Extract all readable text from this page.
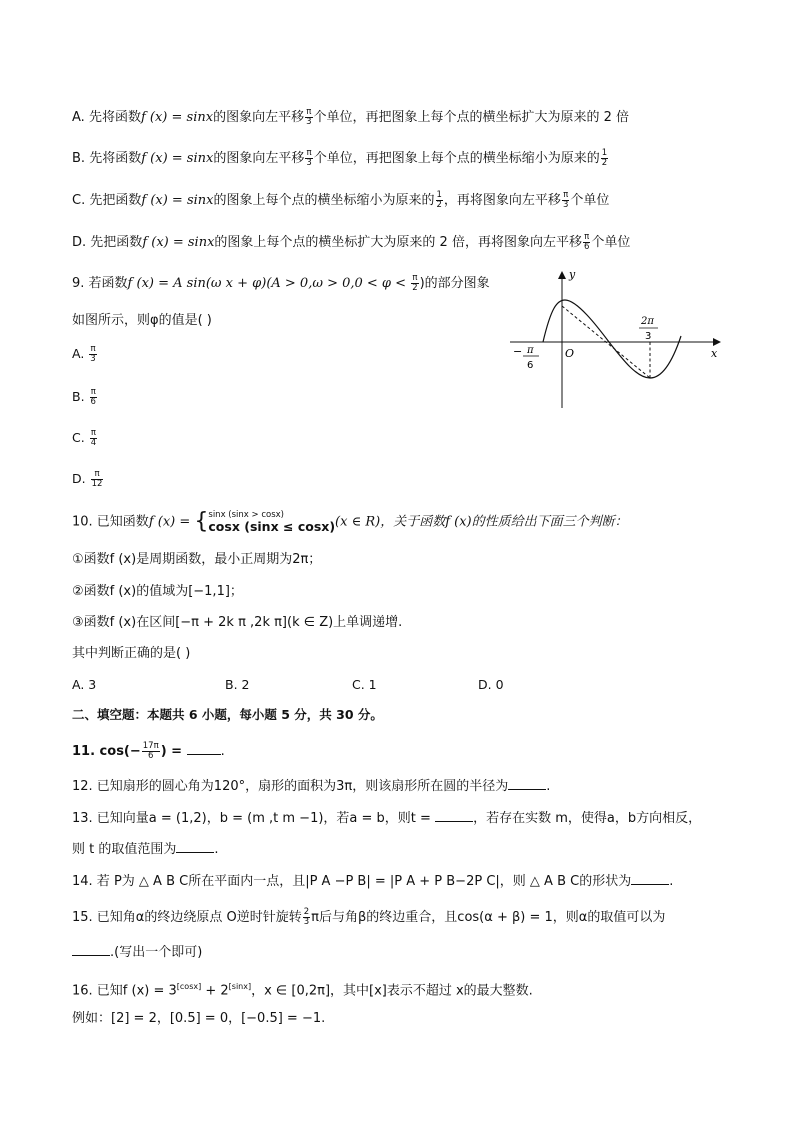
A. 先将函数f (x) = sinx的图象向左平移 $\frac{\pi}{3}$ 个单位，再把图象上每个点的横坐标扩大为原来的 2 倍
B. 先将函数f (x) = sinx的图象向左平移 $\frac{\pi}{3}$ 个单位，再把图象上每个点的横坐标缩小为原来的 $\frac{1}{2}$
C. 先把函数f (x) = sinx的图象上每个点的横坐标缩小为原来的 $\frac{1}{2}$ ，再将图象向左平移 $\frac{\pi}{3}$ 个单位
D. 先把函数f (x) = sinx的图象上每个点的横坐标扩大为原来的 2 倍，再将图象向左平移 $\frac{\pi}{6}$ 个单位
9. 若函数f (x) = A sin(ω $x + \varphi)(A > 0,\omega > 0,0 < \varphi < \frac{\pi}{2}$ )的部分图象
如图所示，则φ的值是( )
A. $\frac{\pi}{3}$
B. $\frac{\pi}{6}$
C. $\frac{\pi}{4}$
D. $\frac{\pi}{12}$
y
x
O
− π
6
2π
3
10. 已知函数f (x) = { sinx (sinx > cosx)
cosx (sinx ≤ cosx) (x ∈ R)，关于函数f (x)的性质给出下面三个判断：
①函数f (x)是周期函数，最小正周期为2π；
②函数f (x)的值域为[−1,1]；
③函数f (x)在区间[−π + 2k π ,2k π](k ∈ Z)上单调递增.
其中判断正确的是( )
A. 3	B. 2	C. 1	D. 0
二、填空题：本题共 6 小题，每小题 5 分，共 30 分。
11. $\cos(- \frac{17\pi}{6}$ ) =	.
12. 已知扇形的圆心角为120°，扇形的面积为3π，则该扇形所在圆的半径为	.
13. 已知向量a = (1,2)，b = (m ,t m −1)，若a = b，则t =	，若存在实数 m，使得a，b方向相反，
则 t 的取值范围为	.
14. 若 P为 △ A B C所在平面内一点，且|P A −P B| = |P A + P B−2P C|，则 △ A B C的形状为	.
15. 已知角α的终边绕原点 O逆时针旋转 $\frac{2}{3}$ π后与角β的终边重合，且cos(α + β) = 1，则α的取值可以为
.(写出一个即可)
16. 已知f (x) = 3[cosx] + 2[sinx]，x ∈ [0,2π]，其中[x]表示不超过 x的最大整数.
例如：[2] = 2，[0.5] = 0，[−0.5] = −1.
